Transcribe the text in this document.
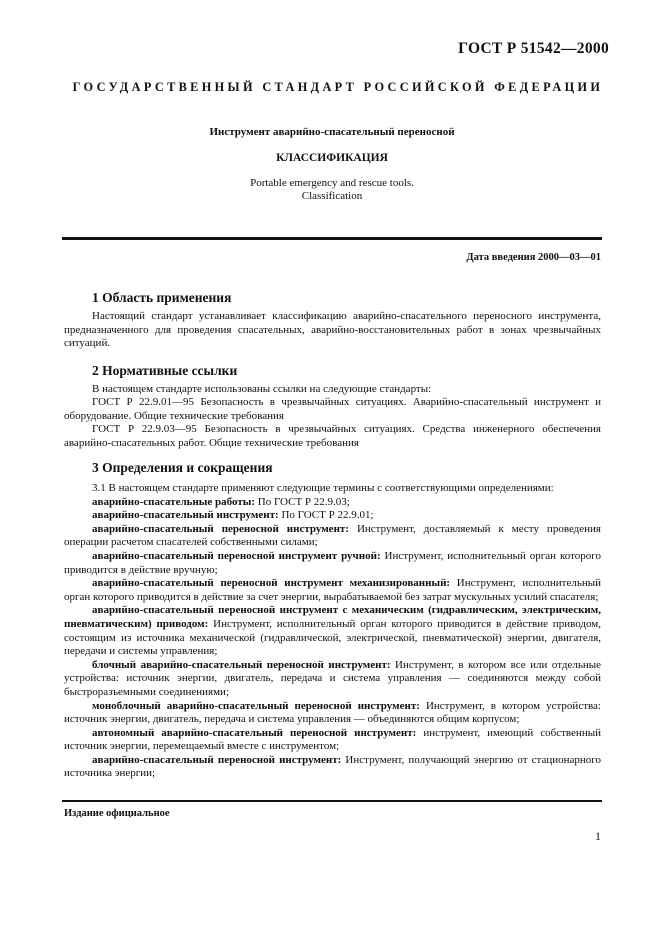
ГОСТ Р 51542—2000
ГОСУДАРСТВЕННЫЙ СТАНДАРТ РОССИЙСКОЙ ФЕДЕРАЦИИ
Инструмент аварийно-спасательный переносной
КЛАССИФИКАЦИЯ
Portable emergency and rescue tools.
Classification
Дата введения 2000—03—01
1 Область применения

Настоящий стандарт устанавливает классификацию аварийно-спасательного переносного инструмента, предназначенного для проведения спасательных, аварийно-восстановительных работ в зонах чрезвычайных ситуаций.

2 Нормативные ссылки

В настоящем стандарте использованы ссылки на следующие стандарты:

ГОСТ Р 22.9.01—95 Безопасность в чрезвычайных ситуациях. Аварийно-спасательный инструмент и оборудование. Общие технические требования

ГОСТ Р 22.9.03—95 Безопасность в чрезвычайных ситуациях. Средства инженерного обеспечения аварийно-спасательных работ. Общие технические требования

3 Определения и сокращения

3.1 В настоящем стандарте применяют следующие термины с соответствующими определениями:

аварийно-спасательные работы: По ГОСТ Р 22.9.03;

аварийно-спасательный инструмент: По ГОСТ Р 22.9.01;

аварийно-спасательный переносной инструмент: Инструмент, доставляемый к месту проведения операции расчетом спасателей собственными силами;

аварийно-спасательный переносной инструмент ручной: Инструмент, исполнительный орган которого приводится в действие вручную;

аварийно-спасательный переносной инструмент механизированный: Инструмент, исполнительный орган которого приводится в действие за счет энергии, вырабатываемой без затрат мускульных усилий спасателя;

аварийно-спасательный переносной инструмент с механическим (гидравлическим, электрическим, пневматическим) приводом: Инструмент, исполнительный орган которого приводится в действие приводом, состоящим из источника механической (гидравлической, электрической, пневматической) энергии, двигателя, передачи и системы управления;

блочный аварийно-спасательный переносной инструмент: Инструмент, в котором все или отдельные устройства: источник энергии, двигатель, передача и система управления — соединяются между собой быстроразъемными соединениями;

моноблочный аварийно-спасательный переносной инструмент: Инструмент, в котором устройства: источник энергии, двигатель, передача и система управления — объединяются общим корпусом;

автономный аварийно-спасательный переносной инструмент: инструмент, имеющий собственный источник энергии, перемещаемый вместе с инструментом;

аварийно-спасательный переносной инструмент: Инструмент, получающий энергию от стационарного источника энергии;

Издание официальное
1
